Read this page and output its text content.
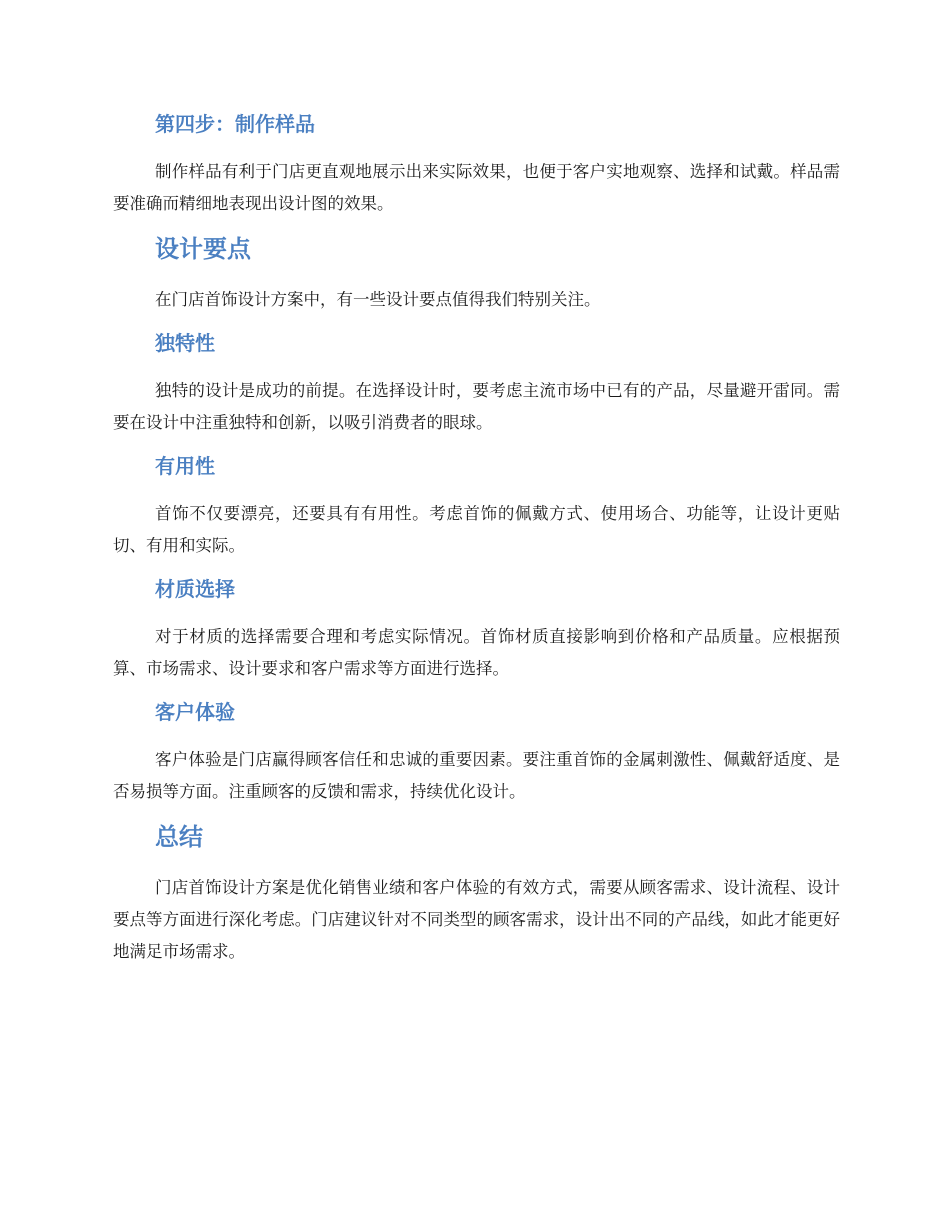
第四步：制作样品

制作样品有利于门店更直观地展示出来实际效果，也便于客户实地观察、选择和试戴。样品需要准确而精细地表现出设计图的效果。

设计要点

在门店首饰设计方案中，有一些设计要点值得我们特别关注。

独特性

独特的设计是成功的前提。在选择设计时，要考虑主流市场中已有的产品，尽量避开雷同。需要在设计中注重独特和创新，以吸引消费者的眼球。

有用性

首饰不仅要漂亮，还要具有有用性。考虑首饰的佩戴方式、使用场合、功能等，让设计更贴切、有用和实际。

材质选择

对于材质的选择需要合理和考虑实际情况。首饰材质直接影响到价格和产品质量。应根据预算、市场需求、设计要求和客户需求等方面进行选择。

客户体验

客户体验是门店赢得顾客信任和忠诚的重要因素。要注重首饰的金属刺激性、佩戴舒适度、是否易损等方面。注重顾客的反馈和需求，持续优化设计。

总结

门店首饰设计方案是优化销售业绩和客户体验的有效方式，需要从顾客需求、设计流程、设计要点等方面进行深化考虑。门店建议针对不同类型的顾客需求，设计出不同的产品线，如此才能更好地满足市场需求。
